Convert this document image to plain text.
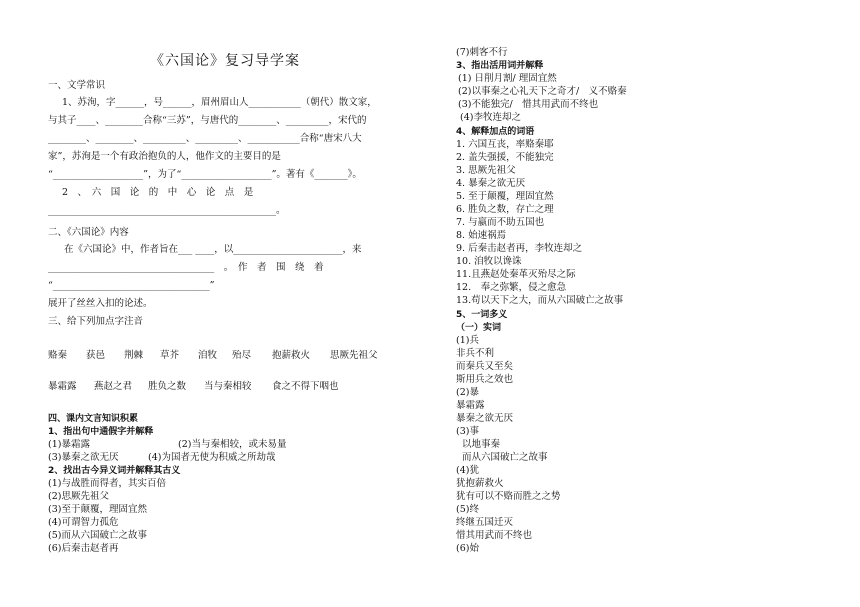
《六国论》复习导学案
一、文学常识
1、苏洵，字______，号______，眉州眉山人___________（朝代）散文家，
与其子____、________合称“三苏”，与唐代的________、_________，宋代的
________、________、_________、_________、___________合称“唐宋八大
家”，苏洵是一个有政治抱负的人，他作文的主要目的是
“___________________”，为了“___________________”。著有《_______》。
2　、　六　国　论　的　中　心　论　点　是
________________________________________________。
二、《六国论》内容
在《六国论》中，作者旨在___ ____，以_______________________，来
___________________________________　。　作　者　围　绕　着
“_________________________________”
展开了丝丝入扣的论述。
三、给下列加点字注音
赂秦 获邑 荆棘 草芥 洎牧 殆尽 抱薪救火 思厥先祖父
暴霜露 燕赵之君 胜负之数 当与秦相较 食之不得下咽也
四、课内文言知识积累
1、指出句中通假字并解释
(1)暴霜露	(2)当与秦相较，或未易量
(3)暴秦之欲无厌	(4)为国者无使为积威之所劫哉
2、找出古今异义词并解释其古义
(1)与战胜而得者，其实百倍
(2)思厥先祖父
(3)至于颠覆，理固宜然
(4)可谓智力孤危
(5)而从六国破亡之故事
(6)后秦击赵者再
(7)刺客不行
3、指出活用词并解释
(1) 日削月割/ 理固宜然
(2)以事秦之心礼天下之奇才/　义不赂秦
(3)不能独完/　惜其用武而不终也
(4)李牧连却之
4、解释加点的词语
1. 六国互丧，率赂秦耶
2. 盖失强援，不能独完
3. 思厥先祖父
4. 暴秦之欲无厌
5. 至于颠覆，理固宜然
6. 胜负之数，存亡之理
7. 与嬴而不助五国也
8. 始速祸焉
9. 后秦击赵者再，李牧连却之
10. 洎牧以谗诛
11.且燕赵处秦革灭殆尽之际
12.　奉之弥繁，侵之愈急
13.苟以天下之大，而从六国破亡之故事
5、一词多义
（一）实词
(1)兵
非兵不利
而秦兵又至矣
斯用兵之效也
(2)暴
暴霜露
暴秦之欲无厌
(3)事
以地事秦
而从六国破亡之故事
(4)犹
犹抱薪救火
犹有可以不赂而胜之之势
(5)终
终继五国迁灭
惜其用武而不终也
(6)始
